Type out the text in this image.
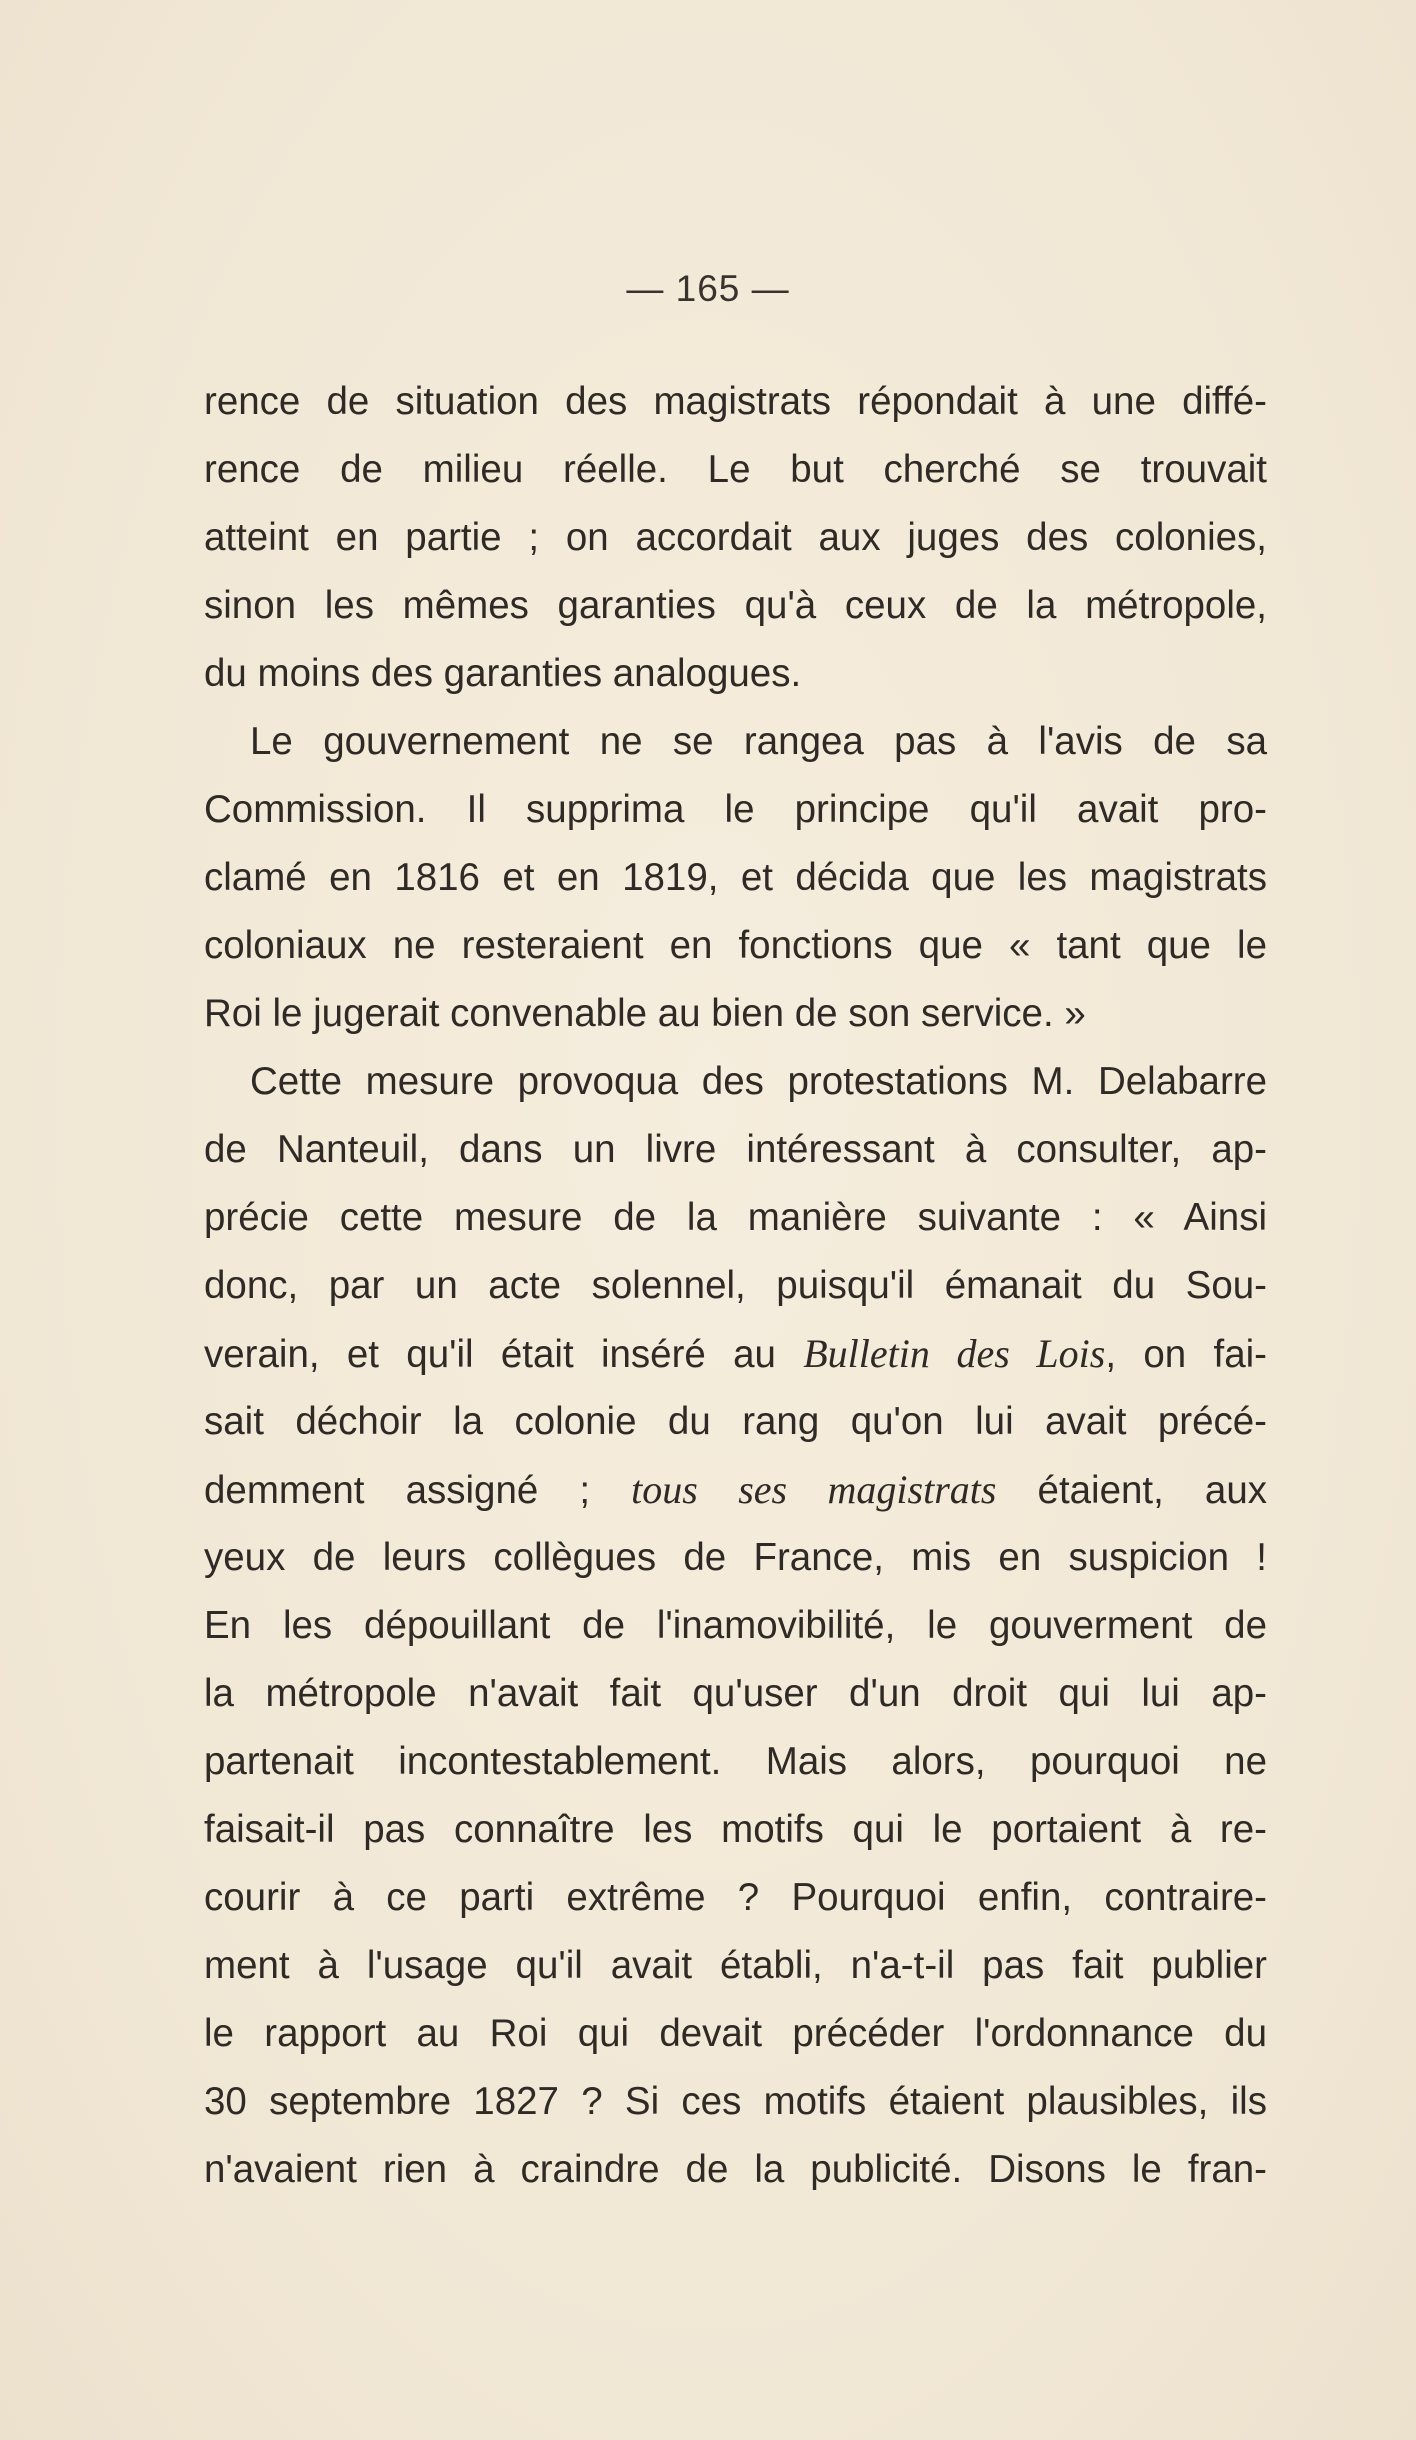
— 165 —
rence de situation des magistrats répondait à une diffé-
rence de milieu réelle. Le but cherché se trouvait
atteint en partie ; on accordait aux juges des colonies,
sinon les mêmes garanties qu'à ceux de la métropole,
du moins des garanties analogues.
Le gouvernement ne se rangea pas à l'avis de sa
Commission. Il supprima le principe qu'il avait pro-
clamé en 1816 et en 1819, et décida que les magistrats
coloniaux ne resteraient en fonctions que « tant que le
Roi le jugerait convenable au bien de son service. »
Cette mesure provoqua des protestations M. Delabarre
de Nanteuil, dans un livre intéressant à consulter, ap-
précie cette mesure de la manière suivante : « Ainsi
donc, par un acte solennel, puisqu'il émanait du Sou-
verain, et qu'il était inséré au Bulletin des Lois, on fai-
sait déchoir la colonie du rang qu'on lui avait précé-
demment assigné ; tous ses magistrats étaient, aux
yeux de leurs collègues de France, mis en suspicion !
En les dépouillant de l'inamovibilité, le gouverment de
la métropole n'avait fait qu'user d'un droit qui lui ap-
partenait incontestablement. Mais alors, pourquoi ne
faisait-il pas connaître les motifs qui le portaient à re-
courir à ce parti extrême ? Pourquoi enfin, contraire-
ment à l'usage qu'il avait établi, n'a-t-il pas fait publier
le rapport au Roi qui devait précéder l'ordonnance du
30 septembre 1827 ? Si ces motifs étaient plausibles, ils
n'avaient rien à craindre de la publicité. Disons le fran-
